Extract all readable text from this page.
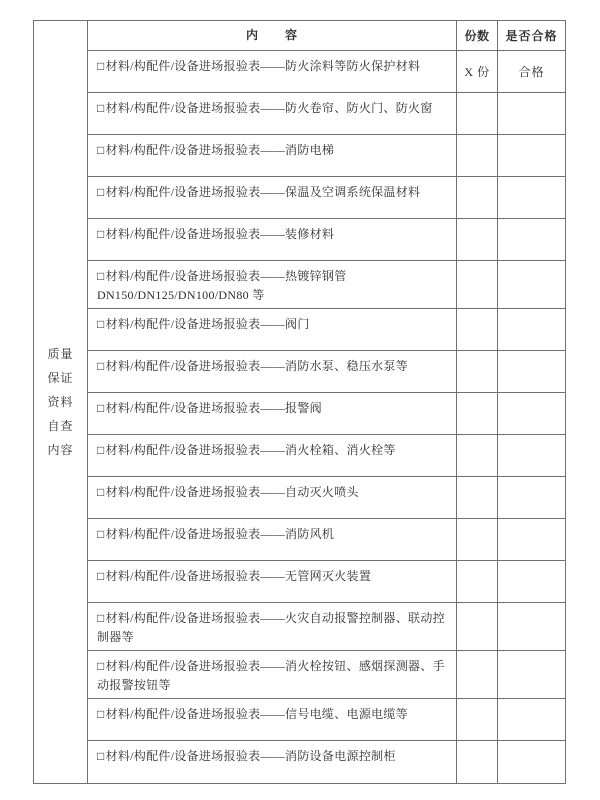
质量
保证
资料
自查
内容
内　　容	份数	是否合格
□材料/构配件/设备进场报验表——防火涂料等防火保护材料	X 份	合格
□材料/构配件/设备进场报验表——防火卷帘、防火门、防火窗
□材料/构配件/设备进场报验表——消防电梯
□材料/构配件/设备进场报验表——保温及空调系统保温材料
□材料/构配件/设备进场报验表——装修材料
□材料/构配件/设备进场报验表——热镀锌钢管 DN150/DN125/DN100/DN80 等
□材料/构配件/设备进场报验表——阀门
□材料/构配件/设备进场报验表——消防水泵、稳压水泵等
□材料/构配件/设备进场报验表——报警阀
□材料/构配件/设备进场报验表——消火栓箱、消火栓等
□材料/构配件/设备进场报验表——自动灭火喷头
□材料/构配件/设备进场报验表——消防风机
□材料/构配件/设备进场报验表——无管网灭火装置
□材料/构配件/设备进场报验表——火灾自动报警控制器、联动控制器等
□材料/构配件/设备进场报验表——消火栓按钮、感烟探测器、手动报警按钮等
□材料/构配件/设备进场报验表——信号电缆、电源电缆等
□材料/构配件/设备进场报验表——消防设备电源控制柜
